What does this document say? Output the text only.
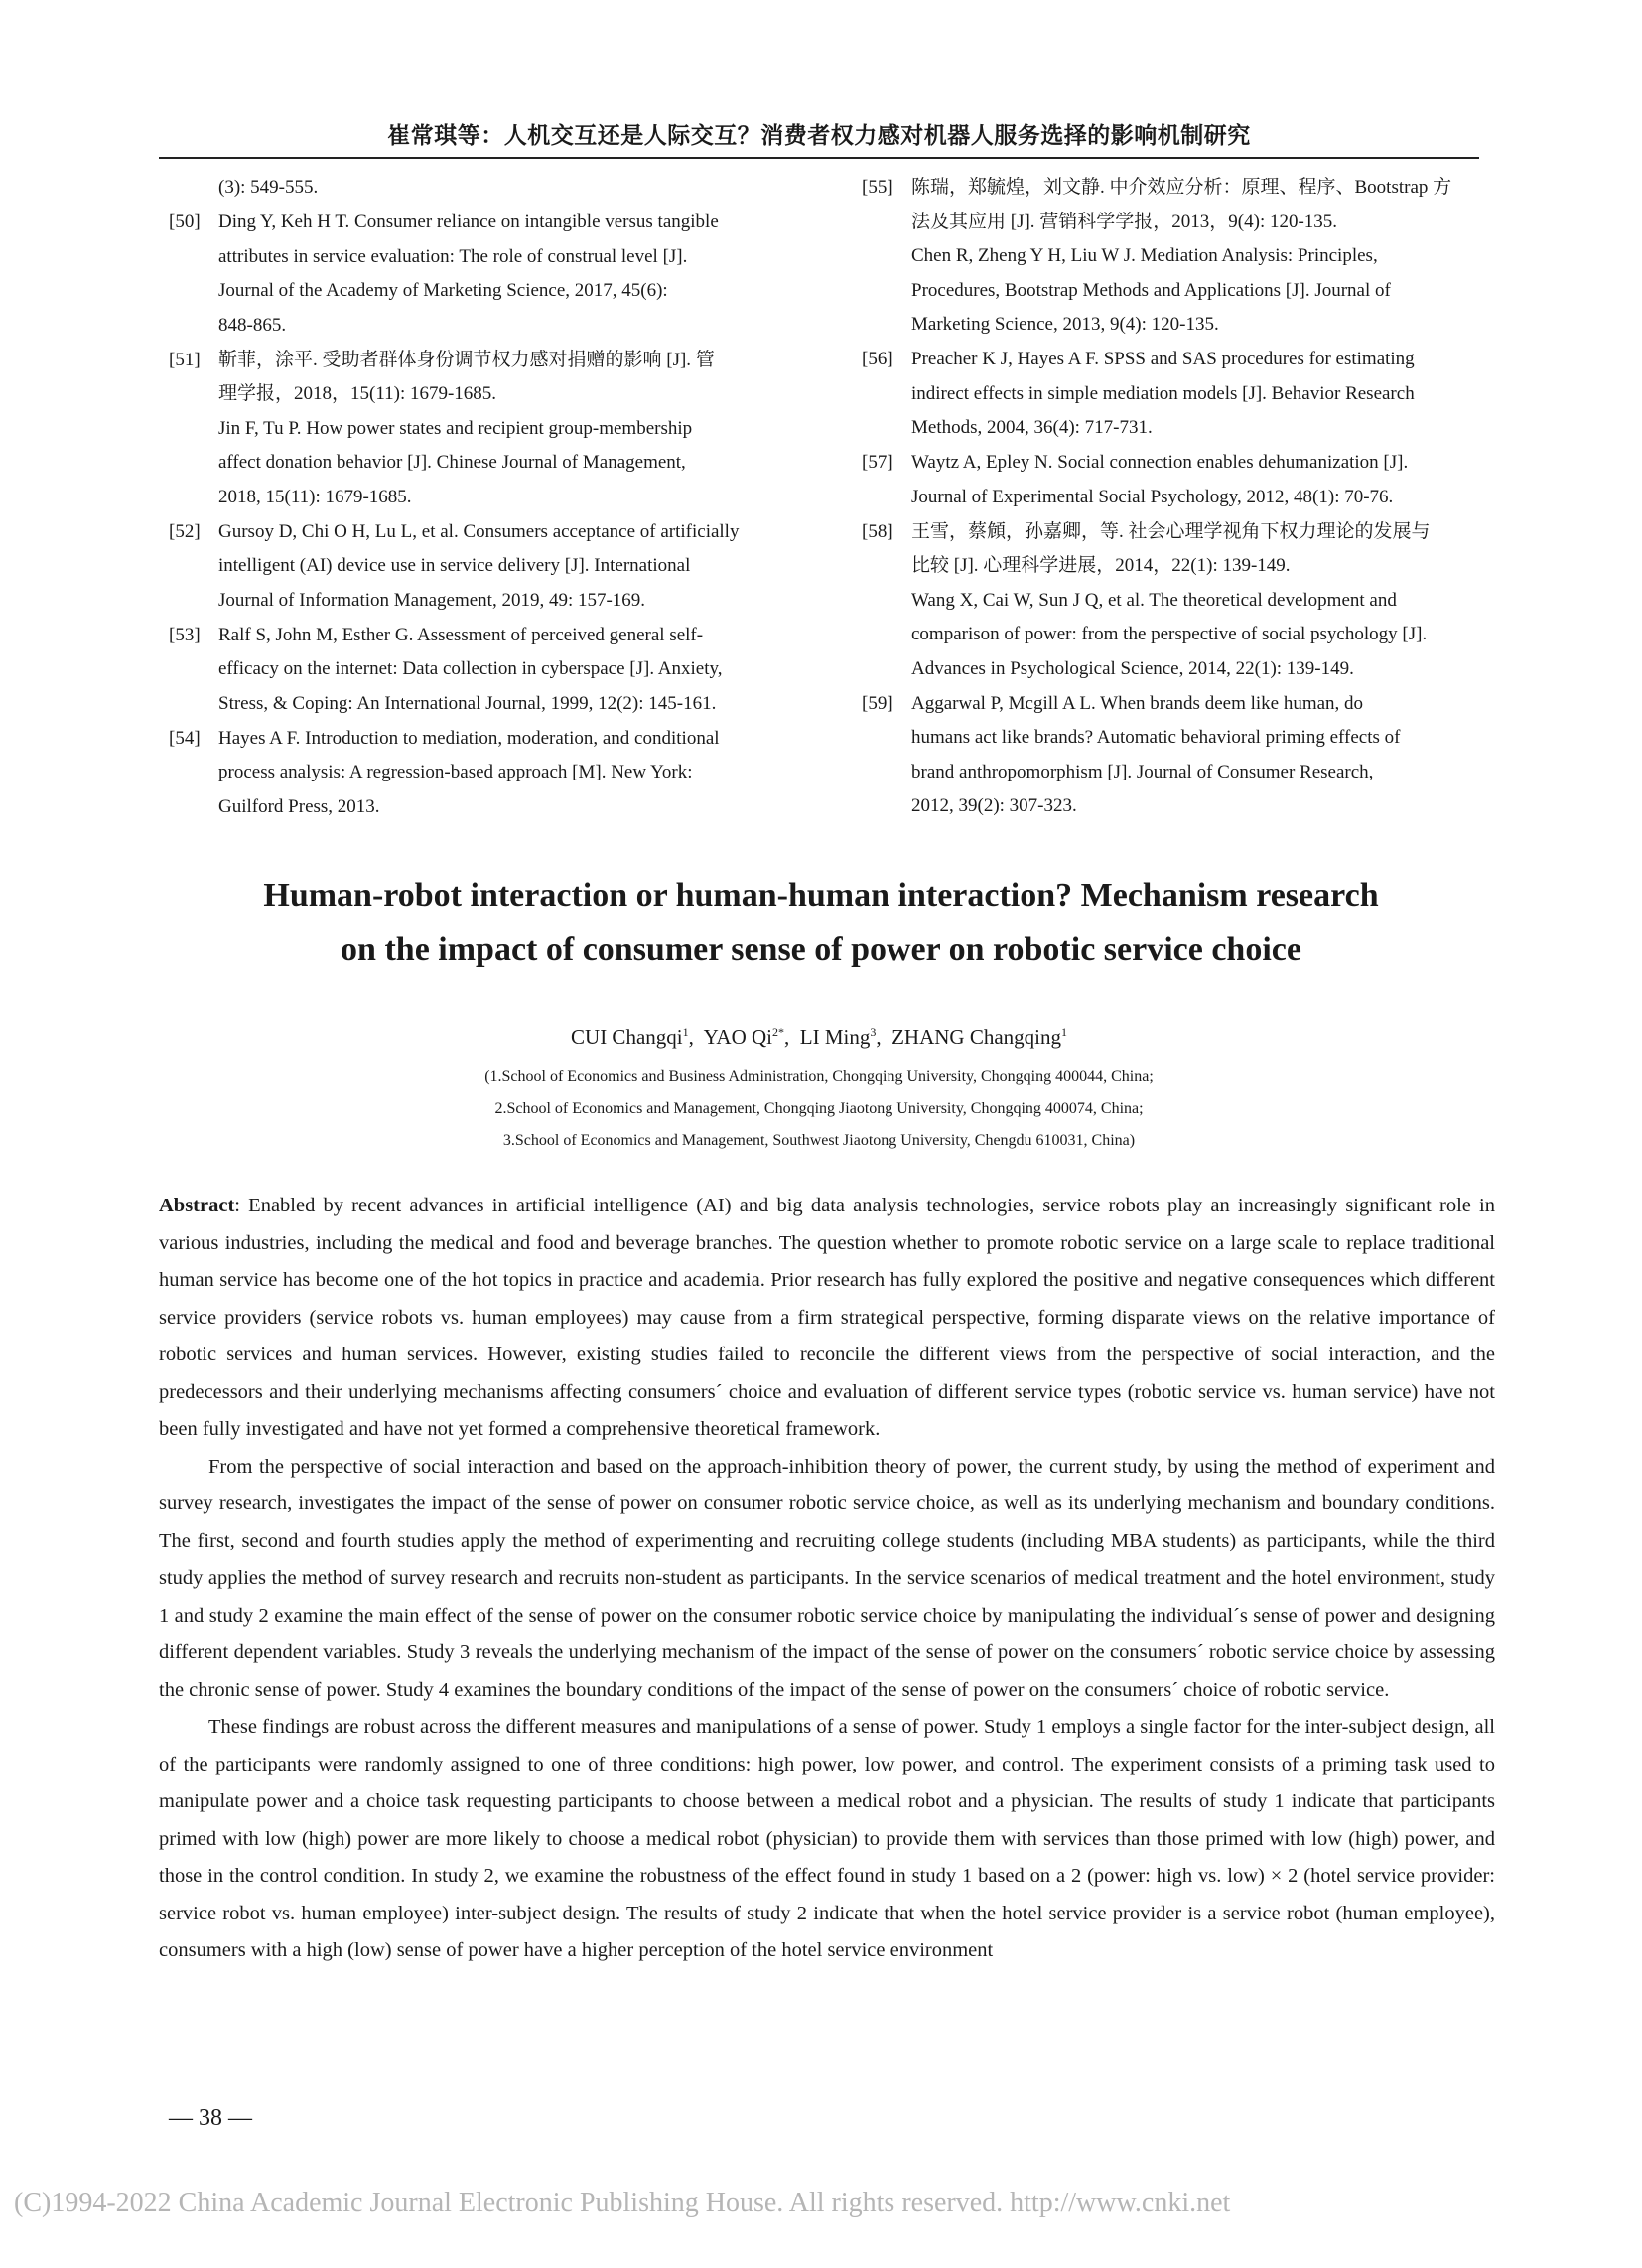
崔常琪等：人机交互还是人际交互？消费者权力感对机器人服务选择的影响机制研究
(3): 549-555.
[50] Ding Y, Keh H T. Consumer reliance on intangible versus tangible
attributes in service evaluation: The role of construal level [J].
Journal of the Academy of Marketing Science, 2017, 45(6):
848-865.
[51] 靳菲，涂平. 受助者群体身份调节权力感对捐赠的影响 [J]. 管
理学报，2018，15(11): 1679-1685.
Jin F, Tu P. How power states and recipient group-membership
affect donation behavior [J]. Chinese Journal of Management,
2018, 15(11): 1679-1685.
[52] Gursoy D, Chi O H, Lu L, et al. Consumers acceptance of artificially
intelligent (AI) device use in service delivery [J]. International
Journal of Information Management, 2019, 49: 157-169.
[53] Ralf S, John M, Esther G. Assessment of perceived general self-
efficacy on the internet: Data collection in cyberspace [J]. Anxiety,
Stress, & Coping: An International Journal, 1999, 12(2): 145-161.
[54] Hayes A F. Introduction to mediation, moderation, and conditional
process analysis: A regression-based approach [M]. New York:
Guilford Press, 2013.
[55] 陈瑞，郑毓煌，刘文静. 中介效应分析：原理、程序、Bootstrap 方
法及其应用 [J]. 营销科学学报，2013，9(4): 120-135.
Chen R, Zheng Y H, Liu W J. Mediation Analysis: Principles,
Procedures, Bootstrap Methods and Applications [J]. Journal of
Marketing Science, 2013, 9(4): 120-135.
[56] Preacher K J, Hayes A F. SPSS and SAS procedures for estimating
indirect effects in simple mediation models [J]. Behavior Research
Methods, 2004, 36(4): 717-731.
[57] Waytz A, Epley N. Social connection enables dehumanization [J].
Journal of Experimental Social Psychology, 2012, 48(1): 70-76.
[58] 王雪，蔡頠，孙嘉卿，等. 社会心理学视角下权力理论的发展与
比较 [J]. 心理科学进展，2014，22(1): 139-149.
Wang X, Cai W, Sun J Q, et al. The theoretical development and
comparison of power: from the perspective of social psychology [J].
Advances in Psychological Science, 2014, 22(1): 139-149.
[59] Aggarwal P, Mcgill A L. When brands deem like human, do
humans act like brands? Automatic behavioral priming effects of
brand anthropomorphism [J]. Journal of Consumer Research,
2012, 39(2): 307-323.
Human-robot interaction or human-human interaction? Mechanism research
on the impact of consumer sense of power on robotic service choice
CUI Changqi$^1$,  YAO $Qi^{2*}$,  LI Ming$^3$,  ZHANG Changqing$^1$
(1.School of Economics and Business Administration, Chongqing University, Chongqing 400044, China;
2.School of Economics and Management, Chongqing Jiaotong University, Chongqing 400074, China;
3.School of Economics and Management, Southwest Jiaotong University, Chengdu 610031, China)

Abstract: Enabled by recent advances in artificial intelligence (AI) and big data analysis technologies, service robots play an increasingly significant role in various industries, including the medical and food and beverage branches. The question whether to promote robotic service on a large scale to replace traditional human service has become one of the hot topics in practice and academia. Prior research has fully explored the positive and negative consequences which different service providers (service robots vs. human employees) may cause from a firm strategical perspective, forming disparate views on the relative importance of robotic services and human services. However, existing studies failed to reconcile the different views from the perspective of social interaction, and the predecessors and their underlying mechanisms affecting consumers´ choice and evaluation of different service types (robotic service vs. human service) have not been fully investigated and have not yet formed a comprehensive theoretical framework.

From the perspective of social interaction and based on the approach-inhibition theory of power, the current study, by using the method of experiment and survey research, investigates the impact of the sense of power on consumer robotic service choice, as well as its underlying mechanism and boundary conditions. The first, second and fourth studies apply the method of experimenting and recruiting college students (including MBA students) as participants, while the third study applies the method of survey research and recruits non-student as participants. In the service scenarios of medical treatment and the hotel environment, study 1 and study 2 examine the main effect of the sense of power on the consumer robotic service choice by manipulating the individual´s sense of power and designing different dependent variables. Study 3 reveals the underlying mechanism of the impact of the sense of power on the consumers´ robotic service choice by assessing the chronic sense of power. Study 4 examines the boundary conditions of the impact of the sense of power on the consumers´ choice of robotic service.

These findings are robust across the different measures and manipulations of a sense of power. Study 1 employs a single factor for the inter-subject design, all of the participants were randomly assigned to one of three conditions: high power, low power, and control. The experiment consists of a priming task used to manipulate power and a choice task requesting participants to choose between a medical robot and a physician. The results of study 1 indicate that participants primed with low (high) power are more likely to choose a medical robot (physician) to provide them with services than those primed with low (high) power, and those in the control condition. In study 2, we examine the robustness of the effect found in study 1 based on a 2 (power: high vs. low) × 2 (hotel service provider: service robot vs. human employee) inter-subject design. The results of study 2 indicate that when the hotel service provider is a service robot (human employee), consumers with a high (low) sense of power have a higher perception of the hotel service environment

— 38 —
(C)1994-2022 China Academic Journal Electronic Publishing House. All rights reserved. http://www.cnki.net
